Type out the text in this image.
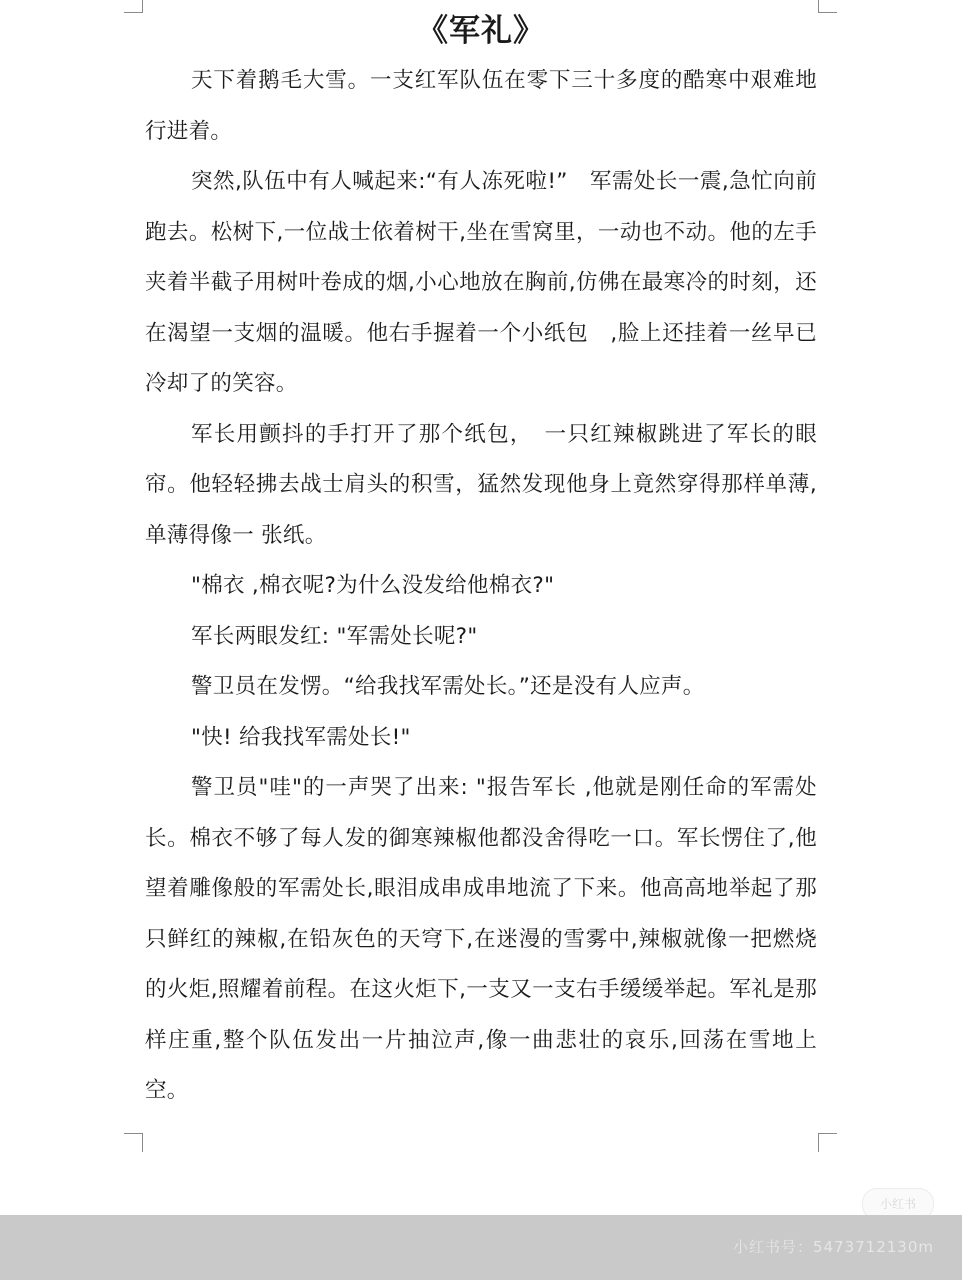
《军礼》

天下着鹅毛大雪。一支红军队伍在零下三十多度的酷寒中艰难地行进着。

突然,队伍中有人喊起来:“有人冻死啦!”　军需处长一震,急忙向前跑去。松树下,一位战士依着树干,坐在雪窝里，一动也不动。他的左手夹着半截子用树叶卷成的烟,小心地放在胸前,仿佛在最寒冷的时刻，还在渴望一支烟的温暖。他右手握着一个小纸包　,脸上还挂着一丝早已冷却了的笑容。

军长用颤抖的手打开了那个纸包，　一只红辣椒跳进了军长的眼帘。他轻轻拂去战士肩头的积雪，猛然发现他身上竟然穿得那样单薄,单薄得像一 张纸。

"棉衣 ,棉衣呢?为什么没发给他棉衣?"

军长两眼发红: "军需处长呢?"

警卫员在发愣。“给我找军需处长。”还是没有人应声。

"快! 给我找军需处长!"

警卫员"哇"的一声哭了出来: "报告军长 ,他就是刚任命的军需处长。棉衣不够了每人发的御寒辣椒他都没舍得吃一口。军长愣住了,他望着雕像般的军需处长,眼泪成串成串地流了下来。他高高地举起了那只鲜红的辣椒,在铅灰色的天穹下,在迷漫的雪雾中,辣椒就像一把燃烧的火炬,照耀着前程。在这火炬下,一支又一支右手缓缓举起。军礼是那样庄重,整个队伍发出一片抽泣声,像一曲悲壮的哀乐,回荡在雪地上空。

小红书
小红书号：5473712130m
